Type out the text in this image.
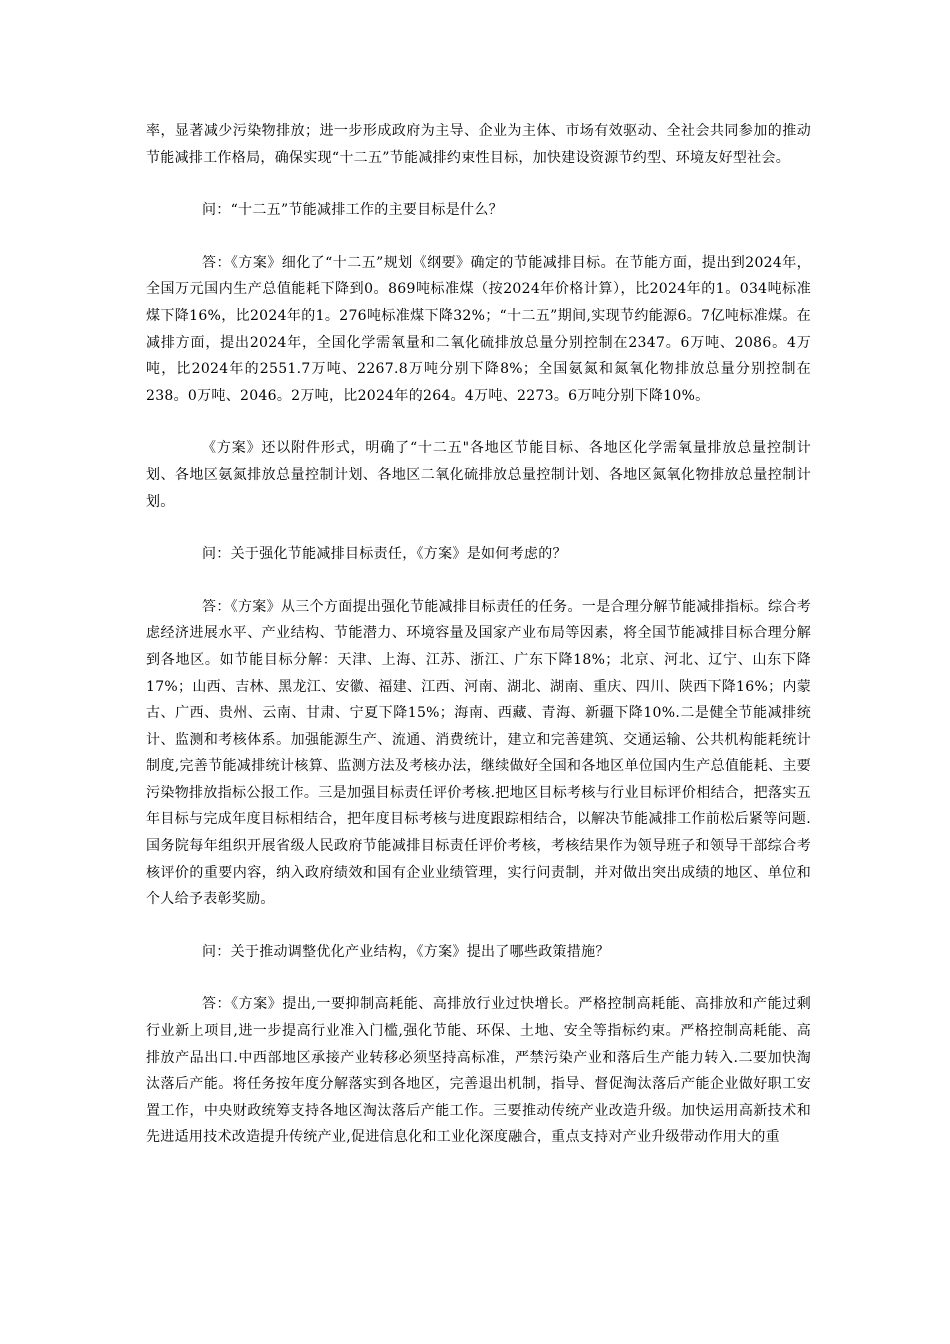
率，显著减少污染物排放；进一步形成政府为主导、企业为主体、市场有效驱动、全社会共同参加的推动节能减排工作格局，确保实现“十二五”节能减排约束性目标，加快建设资源节约型、环境友好型社会。

问：“十二五”节能减排工作的主要目标是什么？

答：《方案》细化了“十二五”规划《纲要》确定的节能减排目标。在节能方面，提出到2024年，全国万元国内生产总值能耗下降到0。869吨标准煤（按2024年价格计算），比2024年的1。034吨标准煤下降16%，比2024年的1。276吨标准煤下降32%；“十二五”期间,实现节约能源6。7亿吨标准煤。在减排方面，提出2024年，全国化学需氧量和二氧化硫排放总量分别控制在2347。6万吨、2086。4万吨，比2024年的2551.7万吨、2267.8万吨分别下降8%；全国氨氮和氮氧化物排放总量分别控制在238。0万吨、2046。2万吨，比2024年的264。4万吨、2273。6万吨分别下降10%。

《方案》还以附件形式，明确了“十二五"各地区节能目标、各地区化学需氧量排放总量控制计划、各地区氨氮排放总量控制计划、各地区二氧化硫排放总量控制计划、各地区氮氧化物排放总量控制计划。

问：关于强化节能减排目标责任，《方案》是如何考虑的？

答：《方案》从三个方面提出强化节能减排目标责任的任务。一是合理分解节能减排指标。综合考虑经济进展水平、产业结构、节能潜力、环境容量及国家产业布局等因素，将全国节能减排目标合理分解到各地区。如节能目标分解：天津、上海、江苏、浙江、广东下降18%；北京、河北、辽宁、山东下降17%；山西、吉林、黑龙江、安徽、福建、江西、河南、湖北、湖南、重庆、四川、陕西下降16%；内蒙古、广西、贵州、云南、甘肃、宁夏下降15%；海南、西藏、青海、新疆下降10%.二是健全节能减排统计、监测和考核体系。加强能源生产、流通、消费统计，建立和完善建筑、交通运输、公共机构能耗统计制度,完善节能减排统计核算、监测方法及考核办法，继续做好全国和各地区单位国内生产总值能耗、主要污染物排放指标公报工作。三是加强目标责任评价考核.把地区目标考核与行业目标评价相结合，把落实五年目标与完成年度目标相结合，把年度目标考核与进度跟踪相结合，以解决节能减排工作前松后紧等问题.国务院每年组织开展省级人民政府节能减排目标责任评价考核，考核结果作为领导班子和领导干部综合考核评价的重要内容，纳入政府绩效和国有企业业绩管理，实行问责制，并对做出突出成绩的地区、单位和个人给予表彰奖励。

问：关于推动调整优化产业结构，《方案》提出了哪些政策措施？

答：《方案》提出,一要抑制高耗能、高排放行业过快增长。严格控制高耗能、高排放和产能过剩行业新上项目,进一步提高行业准入门槛,强化节能、环保、土地、安全等指标约束。严格控制高耗能、高排放产品出口.中西部地区承接产业转移必须坚持高标准，严禁污染产业和落后生产能力转入.二要加快淘汰落后产能。将任务按年度分解落实到各地区，完善退出机制，指导、督促淘汰落后产能企业做好职工安置工作，中央财政统筹支持各地区淘汰落后产能工作。三要推动传统产业改造升级。加快运用高新技术和先进适用技术改造提升传统产业,促进信息化和工业化深度融合，重点支持对产业升级带动作用大的重
